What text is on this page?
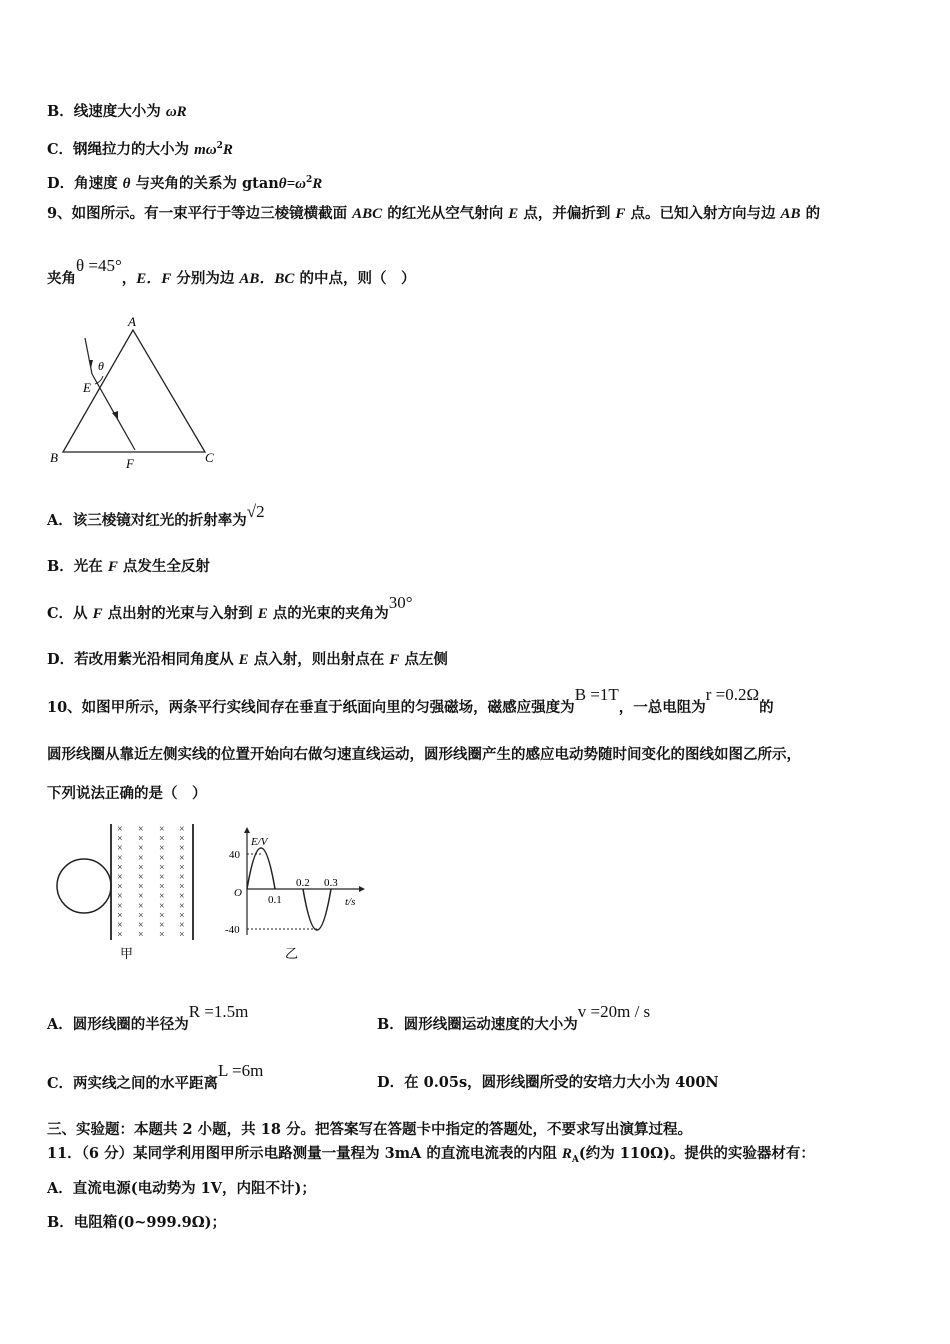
B．线速度大小为 ωR
C．钢绳拉力的大小为 $m\omega^2R$
D．角速度 θ 与夹角的关系为 $gtan\theta=\omega^2R$
9、如图所示。有一束平行于等边三棱镜横截面 ABC 的红光从空气射向 E 点，并偏折到 F 点。已知入射方向与边 AB 的
夹角θ =45°，E．F 分别为边 AB．BC 的中点，则（　）
A
B	C
E
F
θ
A．该三棱镜对红光的折射率为√2
B．光在 F 点发生全反射
C．从 F 点出射的光束与入射到 E 点的光束的夹角为30°
D．若改用紫光沿相同角度从 E 点入射，则出射点在 F 点左侧
10、如图甲所示，两条平行实线间存在垂直于纸面向里的匀强磁场，磁感应强度为B =1T，一总电阻为r =0.2Ω的
圆形线圈从靠近左侧实线的位置开始向右做匀速直线运动，圆形线圈产生的感应电动势随时间变化的图线如图乙所示，
下列说法正确的是（　）
× × × ×
× × × ×
× × × ×
× × × ×
× × × ×
× × × ×
× × × ×
× × × ×
× × × ×
× × × ×
× × × ×
× × × ×
甲
E/V
40
O
-40
0.1
0.2 0.3
t/s
乙
A．圆形线圈的半径为R =1.5m
B．圆形线圈运动速度的大小为v =20m / s
C．两实线之间的水平距离L =6m
D．在 0.05s，圆形线圈所受的安培力大小为 400N
三、实验题：本题共 2 小题，共 18 分。把答案写在答题卡中指定的答题处，不要求写出演算过程。
11．（6 分）某同学利用图甲所示电路测量一量程为 3mA 的直流电流表的内阻 $R_A$(约为 110Ω)。提供的实验器材有：
A．直流电源(电动势为 1V，内阻不计)；
B．电阻箱(0~999.9Ω)；
